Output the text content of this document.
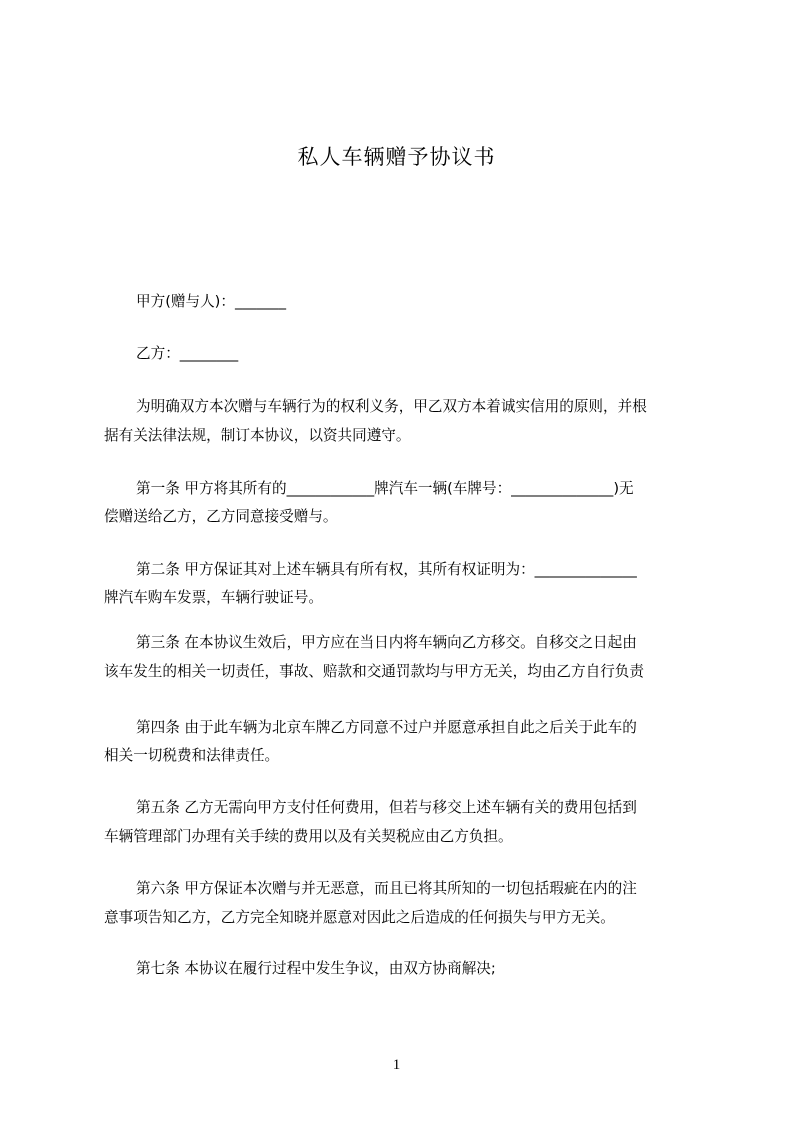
私人车辆赠予协议书
甲方(赠与人)：_______
乙方：________
为明确双方本次赠与车辆行为的权利义务，甲乙双方本着诚实信用的原则，并根
据有关法律法规，制订本协议，以资共同遵守。
第一条 甲方将其所有的____________牌汽车一辆(车牌号：______________)无
偿赠送给乙方，乙方同意接受赠与。
第二条 甲方保证其对上述车辆具有所有权，其所有权证明为：______________
牌汽车购车发票，车辆行驶证号。
第三条 在本协议生效后，甲方应在当日内将车辆向乙方移交。自移交之日起由
该车发生的相关一切责任，事故、赔款和交通罚款均与甲方无关，均由乙方自行负责
第四条 由于此车辆为北京车牌乙方同意不过户并愿意承担自此之后关于此车的
相关一切税费和法律责任。
第五条 乙方无需向甲方支付任何费用，但若与移交上述车辆有关的费用包括到
车辆管理部门办理有关手续的费用以及有关契税应由乙方负担。
第六条 甲方保证本次赠与并无恶意，而且已将其所知的一切包括瑕疵在内的注
意事项告知乙方，乙方完全知晓并愿意对因此之后造成的任何损失与甲方无关。
第七条 本协议在履行过程中发生争议，由双方协商解决;
1
